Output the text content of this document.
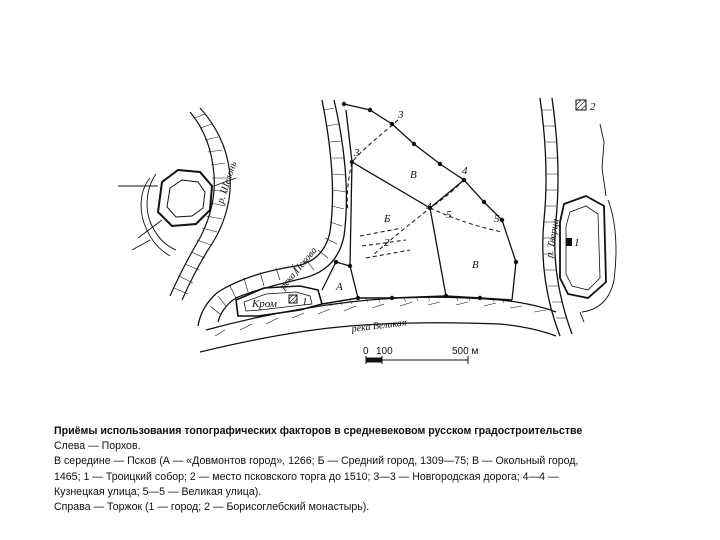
р. Шелонь
река Пскова
река Великая
Кром
А
Б
В
В
1
2
3
3
4
4
5	5
0 100	500 м
р. Тверца 1
2
Приёмы использования топографических факторов в средневековом русском градостроительстве
Слева — Порхов.
В середине — Псков (А — «Довмонтов город», 1266; Б — Средний город, 1309—75; В — Окольный город,
1465; 1 — Троицкий собор; 2 — место псковского торга до 1510; 3—3 — Новгородская дорога; 4—4 —
Кузнецкая улица; 5—5 — Великая улица).
Справа — Торжок (1 — город; 2 — Борисоглебский монастырь).
